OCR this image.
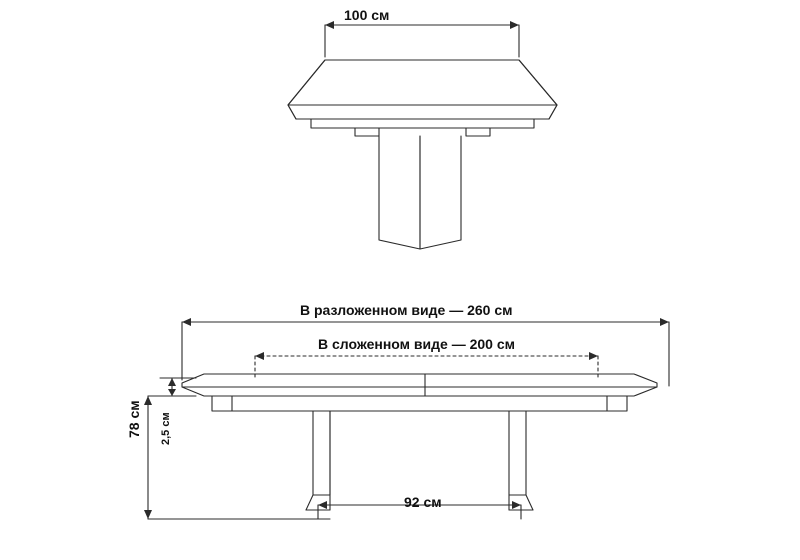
100 см
В разложенном виде — 260 см
В сложенном виде — 200 см
92 см
78 см 2,5 см
